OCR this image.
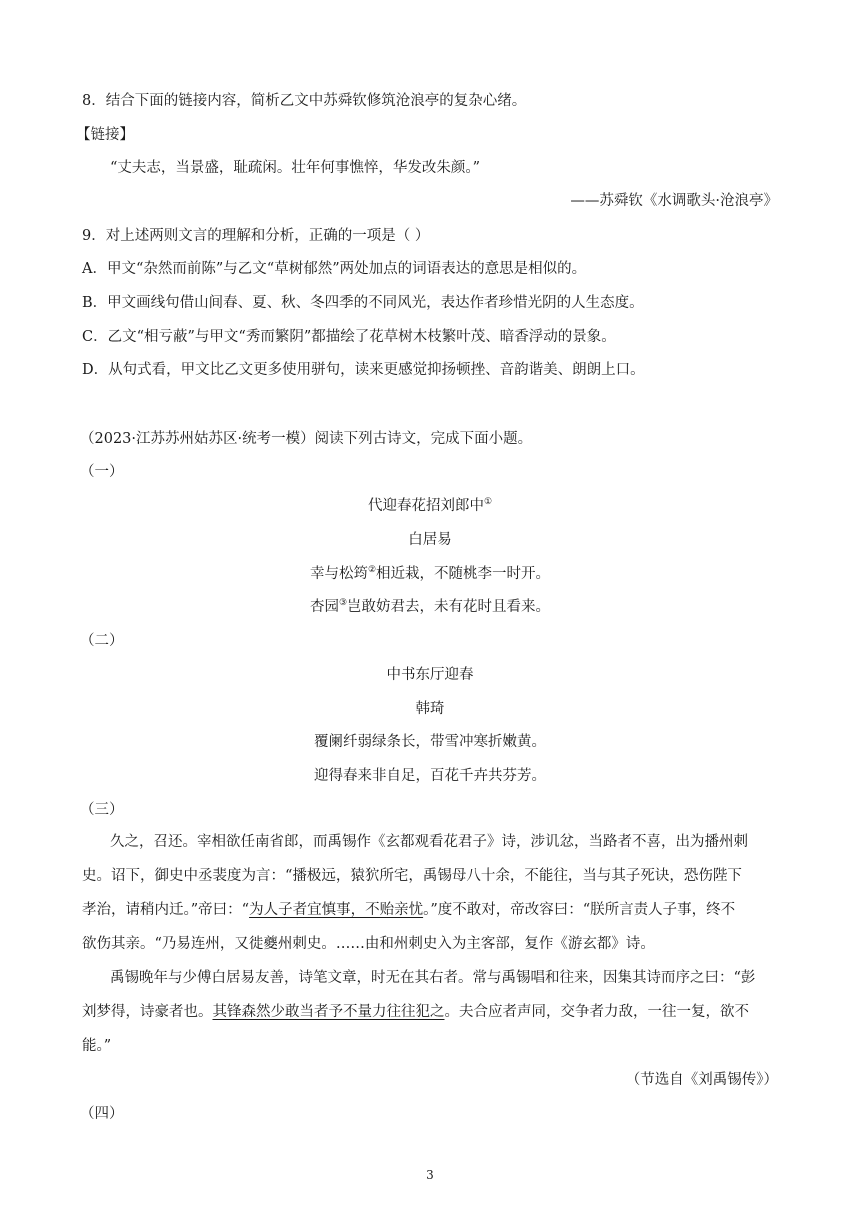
8．结合下面的链接内容，简析乙文中苏舜钦修筑沧浪亭的复杂心绪。
【链接】
“丈夫志，当景盛，耻疏闲。壮年何事憔悴，华发改朱颜。”
——苏舜钦《水调歌头·沧浪亭》
9．对上述两则文言的理解和分析，正确的一项是（ ）
A．甲文“杂然而前陈”与乙文“草树郁然”两处加点的词语表达的意思是相似的。
B．甲文画线句借山间春、夏、秋、冬四季的不同风光，表达作者珍惜光阴的人生态度。
C．乙文“相亏蔽”与甲文“秀而繁阴”都描绘了花草树木枝繁叶茂、暗香浮动的景象。
D．从句式看，甲文比乙文更多使用骈句，读来更感觉抑扬顿挫、音韵谐美、朗朗上口。
（2023·江苏苏州姑苏区·统考一模）阅读下列古诗文，完成下面小题。
（一）
代迎春花招刘郎中①
白居易
幸与松筠②相近栽，不随桃李一时开。
杏园③岂敢妨君去，未有花时且看来。
（二）
中书东厅迎春
韩琦
覆阑纤弱绿条长，带雪冲寒折嫩黄。
迎得春来非自足，百花千卉共芬芳。
（三）
久之，召还。宰相欲任南省郎，而禹锡作《玄都观看花君子》诗，涉讥忿，当路者不喜，出为播州刺
史。诏下，御史中丞裴度为言：“播极远，猿狖所宅，禹锡母八十余，不能往，当与其子死诀，恐伤陛下
孝治，请稍内迁。”帝曰：“为人子者宜慎事，不贻亲忧。”度不敢对，帝改容曰：“朕所言责人子事，终不
欲伤其亲。“乃易连州，又徙夔州刺史。……由和州刺史入为主客部，复作《游玄都》诗。
禹锡晚年与少傅白居易友善，诗笔文章，时无在其右者。常与禹锡唱和往来，因集其诗而序之曰：“彭
刘梦得，诗豪者也。其锋森然少敢当者予不量力往往犯之。夫合应者声同，交争者力敌，一往一复，欲不
能。”
（节选自《刘禹锡传》）
（四）
3
